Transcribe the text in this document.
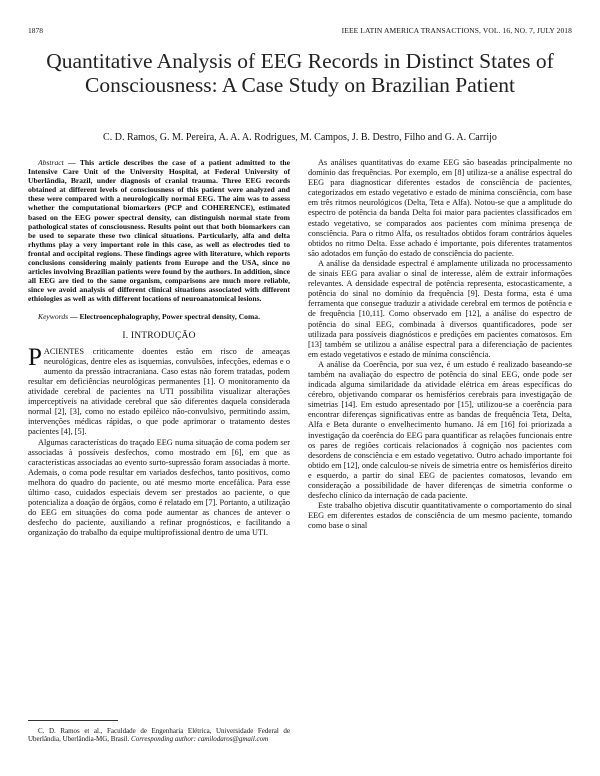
1878	IEEE LATIN AMERICA TRANSACTIONS, VOL. 16, NO. 7, JULY 2018
Quantitative Analysis of EEG Records in Distinct States of Consciousness: A Case Study on Brazilian Patient
C. D. Ramos, G. M. Pereira, A. A. A. Rodrigues, M. Campos, J. B. Destro, Filho and G. A. Carrijo

Abstract — This article describes the case of a patient admitted to the Intensive Care Unit of the University Hospital, at Federal University of Uberlândia, Brazil, under diagnosis of cranial trauma. Three EEG records obtained at different levels of consciousness of this patient were analyzed and these were compared with a neurologically normal EEG. The aim was to assess whether the computational biomarkers (PCP and COHERENCE), estimated based on the EEG power spectral density, can distinguish normal state from pathological states of consciousness. Results point out that both biomarkers can be used to separate these two clinical situations. Particularly, alfa and delta rhythms play a very important role in this case, as well as electrodes tied to frontal and occipital regions. These findings agree with literature, which reports conclusions considering mainly patients from Europe and the USA, since no articles involving Brazilian patients were found by the authors. In addition, since all EEG are tied to the same organism, comparisons are much more reliable, since we avoid analysis of different clinical situations associated with different ethiologies as well as with different locations of neuroanatomical lesions.

Keywords — Electroencephalography, Power spectral density, Coma.

I. INTRODUÇÃO

PACIENTES criticamente doentes estão em risco de ameaças neurológicas, dentre eles as isquemias, convulsões, infecções, edemas e o aumento da pressão intracraniana. Caso estas não forem tratadas, podem resultar em deficiências neurológicas permanentes [1]. O monitoramento da atividade cerebral de pacientes na UTI possibilita visualizar alterações imperceptíveis na atividade cerebral que são diferentes daquela considerada normal [2], [3], como no estado epiléico não-convulsivo, permitindo assim, intervenções médicas rápidas, o que pode aprimorar o tratamento destes pacientes [4], [5].

Algumas características do traçado EEG numa situação de coma podem ser associadas à possíveis desfechos, como mostrado em [6], em que as características associadas ao evento surto-supressão foram associadas à morte. Ademais, o coma pode resultar em variados desfechos, tanto positivos, como melhora do quadro do paciente, ou até mesmo morte encefálica. Para esse último caso, cuidados especiais devem ser prestados ao paciente, o que potencializa a doação de órgãos, como é relatado em [7]. Portanto, a utilização do EEG em situações do coma pode aumentar as chances de antever o desfecho do paciente, auxiliando a refinar prognósticos, e facilitando a organização do trabalho da equipe multiprofissional dentro de uma UTI.

As análises quantitativas do exame EEG são baseadas principalmente no domínio das frequências. Por exemplo, em [8] utiliza-se a análise espectral do EEG para diagnosticar diferentes estados de consciência de pacientes, categorizados em estado vegetativo e estado de mínima consciência, com base em três ritmos neurológicos (Delta, Teta e Alfa). Notou-se que a amplitude do espectro de potência da banda Delta foi maior para pacientes classificados em estado vegetativo, se comparados aos pacientes com mínima presença de consciência. Para o ritmo Alfa, os resultados obtidos foram contrários àqueles obtidos no ritmo Delta. Esse achado é importante, pois diferentes tratamentos são adotados em função do estado de consciência do paciente.

A análise da densidade espectral é amplamente utilizada no processamento de sinais EEG para avaliar o sinal de interesse, além de extrair informações relevantes. A densidade espectral de potência representa, estocasticamente, a potência do sinal no domínio da frequência [9]. Desta forma, esta é uma ferramenta que consegue traduzir a atividade cerebral em termos de potência e de frequência [10,11]. Como observado em [12], a análise do espectro de potência do sinal EEG, combinada à diversos quantificadores, pode ser utilizada para possíveis diagnósticos e predições em pacientes comatosos. Em [13] também se utilizou a análise espectral para a diferenciação de pacientes em estado vegetativos e estado de mínima consciência.

A análise da Coerência, por sua vez, é um estudo é realizado baseando-se também na avaliação do espectro de potência do sinal EEG, onde pode ser indicada alguma similaridade da atividade elétrica em áreas específicas do cérebro, objetivando comparar os hemisférios cerebrais para investigação de simetrias [14]. Em estudo apresentado por [15], utilizou-se a coerência para encontrar diferenças significativas entre as bandas de frequência Teta, Delta, Alfa e Beta durante o envelhecimento humano. Já em [16] foi priorizada a investigação da coerência do EEG para quantificar as relações funcionais entre os pares de regiões corticais relacionados à cognição nos pacientes com desordens de consciência e em estado vegetativo. Outro achado importante foi obtido em [12], onde calculou-se níveis de simetria entre os hemisférios direito e esquerdo, a partir do sinal EEG de pacientes comatosos, levando em consideração a possibilidade de haver diferenças de simetria conforme o desfecho clínico da internação de cada paciente.

Este trabalho objetiva discutir quantitativamente o comportamento do sinal EEG em diferentes estados de consciência de um mesmo paciente, tomando como base o sinal

C. D. Ramos et al., Faculdade de Engenharia Elétrica, Universidade Federal de Uberlândia, Uberlândia-MG, Brasil. Corresponding author: camilodaros@gmail.com
